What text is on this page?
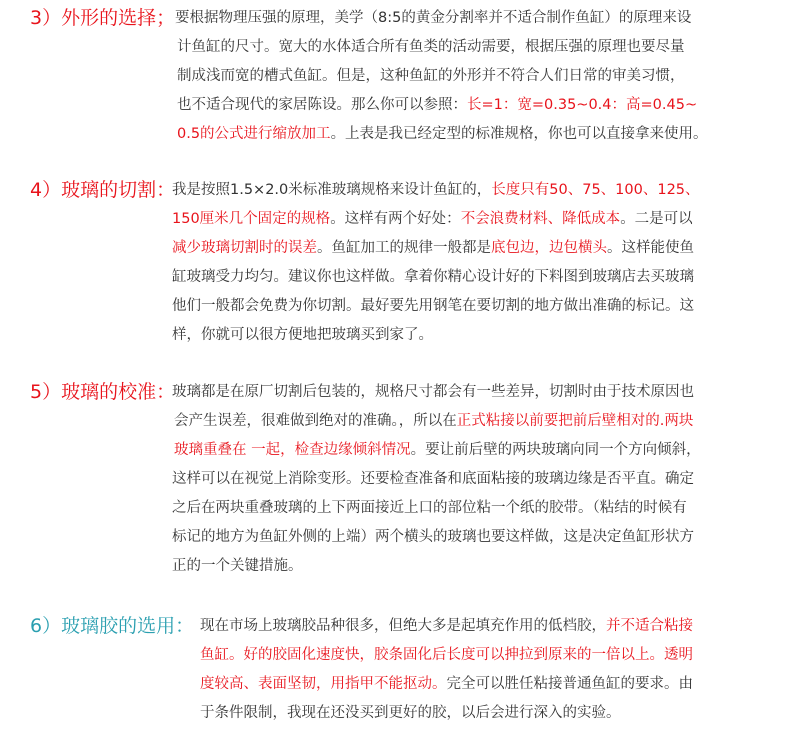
3）外形的选择； 要根据物理压强的原理，美学（8:5的黄金分割率并不适合制作鱼缸）的原理来设
计鱼缸的尺寸。宽大的水体适合所有鱼类的活动需要，根据压强的原理也要尽量
制成浅而宽的槽式鱼缸。但是，这种鱼缸的外形并不符合人们日常的审美习惯，
也不适合现代的家居陈设。那么你可以参照：长=1：宽=0.35~0.4：高=0.45~
0.5的公式进行缩放加工。上表是我已经定型的标准规格，你也可以直接拿来使用。
4）玻璃的切割：
我是按照1.5×2.0米标准玻璃规格来设计鱼缸的，长度只有50、75、100、125、
150厘米几个固定的规格。这样有两个好处：不会浪费材料、降低成本。二是可以
减少玻璃切割时的误差。鱼缸加工的规律一般都是底包边，边包横头。这样能使鱼
缸玻璃受力均匀。建议你也这样做。拿着你精心设计好的下料图到玻璃店去买玻璃
他们一般都会免费为你切割。最好要先用钢笔在要切割的地方做出准确的标记。这
样，你就可以很方便地把玻璃买到家了。
5）玻璃的校准：
玻璃都是在原厂切割后包装的，规格尺寸都会有一些差异，切割时由于技术原因也
会产生误差，很难做到绝对的准确。，所以在正式粘接以前要把前后壁相对的.两块
玻璃重叠在 一起，检查边缘倾斜情况。要让前后壁的两块玻璃向同一个方向倾斜，
这样可以在视觉上消除变形。还要检查准备和底面粘接的玻璃边缘是否平直。确定
之后在两块重叠玻璃的上下两面接近上口的部位粘一个纸的胶带。（粘结的时候有
标记的地方为鱼缸外侧的上端）两个横头的玻璃也要这样做，这是决定鱼缸形状方
正的一个关键措施。
6）玻璃胶的选用： 现在市场上玻璃胶品种很多，但绝大多是起填充作用的低档胶，并不适合粘接
鱼缸。好的胶固化速度快，胶条固化后长度可以抻拉到原来的一倍以上。透明
度较高、表面坚韧，用指甲不能抠动。完全可以胜任粘接普通鱼缸的要求。由
于条件限制，我现在还没买到更好的胶，以后会进行深入的实验。
